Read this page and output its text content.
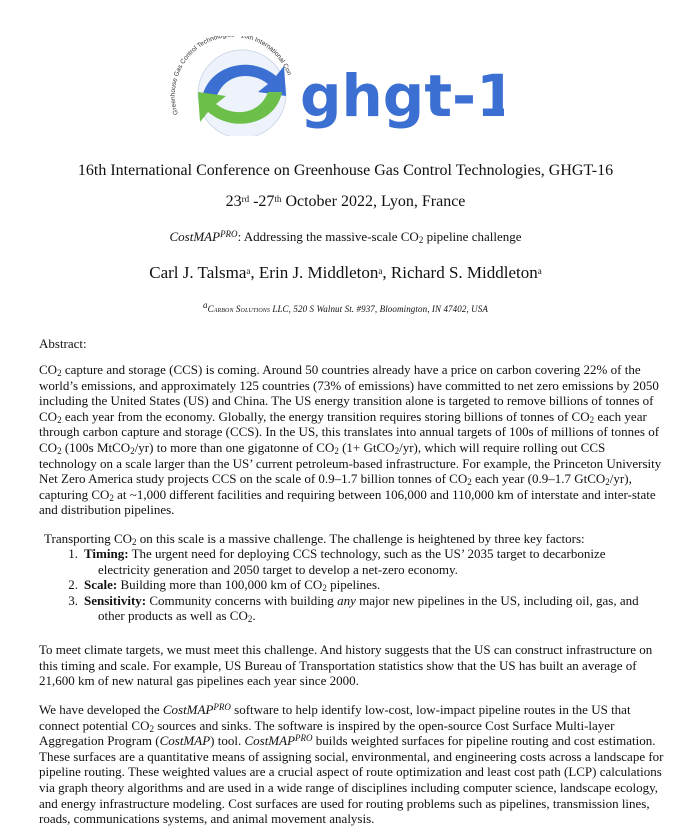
Greenhouse Gas Control Technolo 16th International Con ghgt-1
16th International Conference on Greenhouse Gas Control Technologies, GHGT-16
23rd -27th October 2022, Lyon, France
CostMAP$^{PRO}$: Addressing the massive-scale $CO_2$ pipeline challenge
Carl J. Talsma$^a$, Erin J. Middleton$^a$, Richard S. Middleton$^a$
$^a$Carbon Solutions LLC, 520 S Walnut St. #937, Bloomington, IN 47402, USA
Abstract:
$CO_2$ capture and storage (CCS) is coming. Around 50 countries already have a price on carbon covering 22% of the world’s emissions, and approximately 125 countries (73% of emissions) have committed to net zero emissions by 2050 including the United States (US) and China. The US energy transition alone is targeted to remove billions of tonnes of $CO_2$ each year from the economy. Globally, the energy transition requires storing billions of tonnes of $CO_2$ each year through carbon capture and storage (CCS). In the US, this translates into annual targets of 100s of millions of tonnes of $CO_2$ (100s MtCO$_2$/yr) to more than one gigatonne of $CO_2$ (1+ GtCO$_2$/yr), which will require rolling out CCS technology on a scale larger than the US’ current petroleum-based infrastructure. For example, the Princeton University Net Zero America study projects CCS on the scale of 0.9–1.7 billion tonnes of $CO_2$ each year (0.9–1.7 GtCO$_2$/yr), capturing $CO_2$ at ~1,000 different facilities and requiring between 106,000 and 110,000 km of interstate and inter-state and distribution pipelines.
Transporting $CO_2$ on this scale is a massive challenge. The challenge is heightened by three key factors:
1. Timing: The urgent need for deploying CCS technology, such as the US’ 2035 target to decarbonize
electricity generation and 2050 target to develop a net-zero economy.
2. Scale: Building more than 100,000 km of $CO_2$ pipelines.
3. Sensitivity: Community concerns with building any major new pipelines in the US, including oil, gas, and
other products as well as $CO_2$.
To meet climate targets, we must meet this challenge. And history suggests that the US can construct infrastructure on this timing and scale. For example, US Bureau of Transportation statistics show that the US has built an average of 21,600 km of new natural gas pipelines each year since 2000.
We have developed the CostMAP$^{PRO}$ software to help identify low-cost, low-impact pipeline routes in the US that connect potential $CO_2$ sources and sinks. The software is inspired by the open-source Cost Surface Multi-layer Aggregation Program (CostMAP) tool. CostMAP$^{PRO}$ builds weighted surfaces for pipeline routing and cost estimation. These surfaces are a quantitative means of assigning social, environmental, and engineering costs across a landscape for pipeline routing. These weighted values are a crucial aspect of route optimization and least cost path (LCP) calculations via graph theory algorithms and are used in a wide range of disciplines including computer science, landscape ecology, and energy infrastructure modeling. Cost surfaces are used for routing problems such as pipelines, transmission lines, roads, communications systems, and animal movement analysis.
